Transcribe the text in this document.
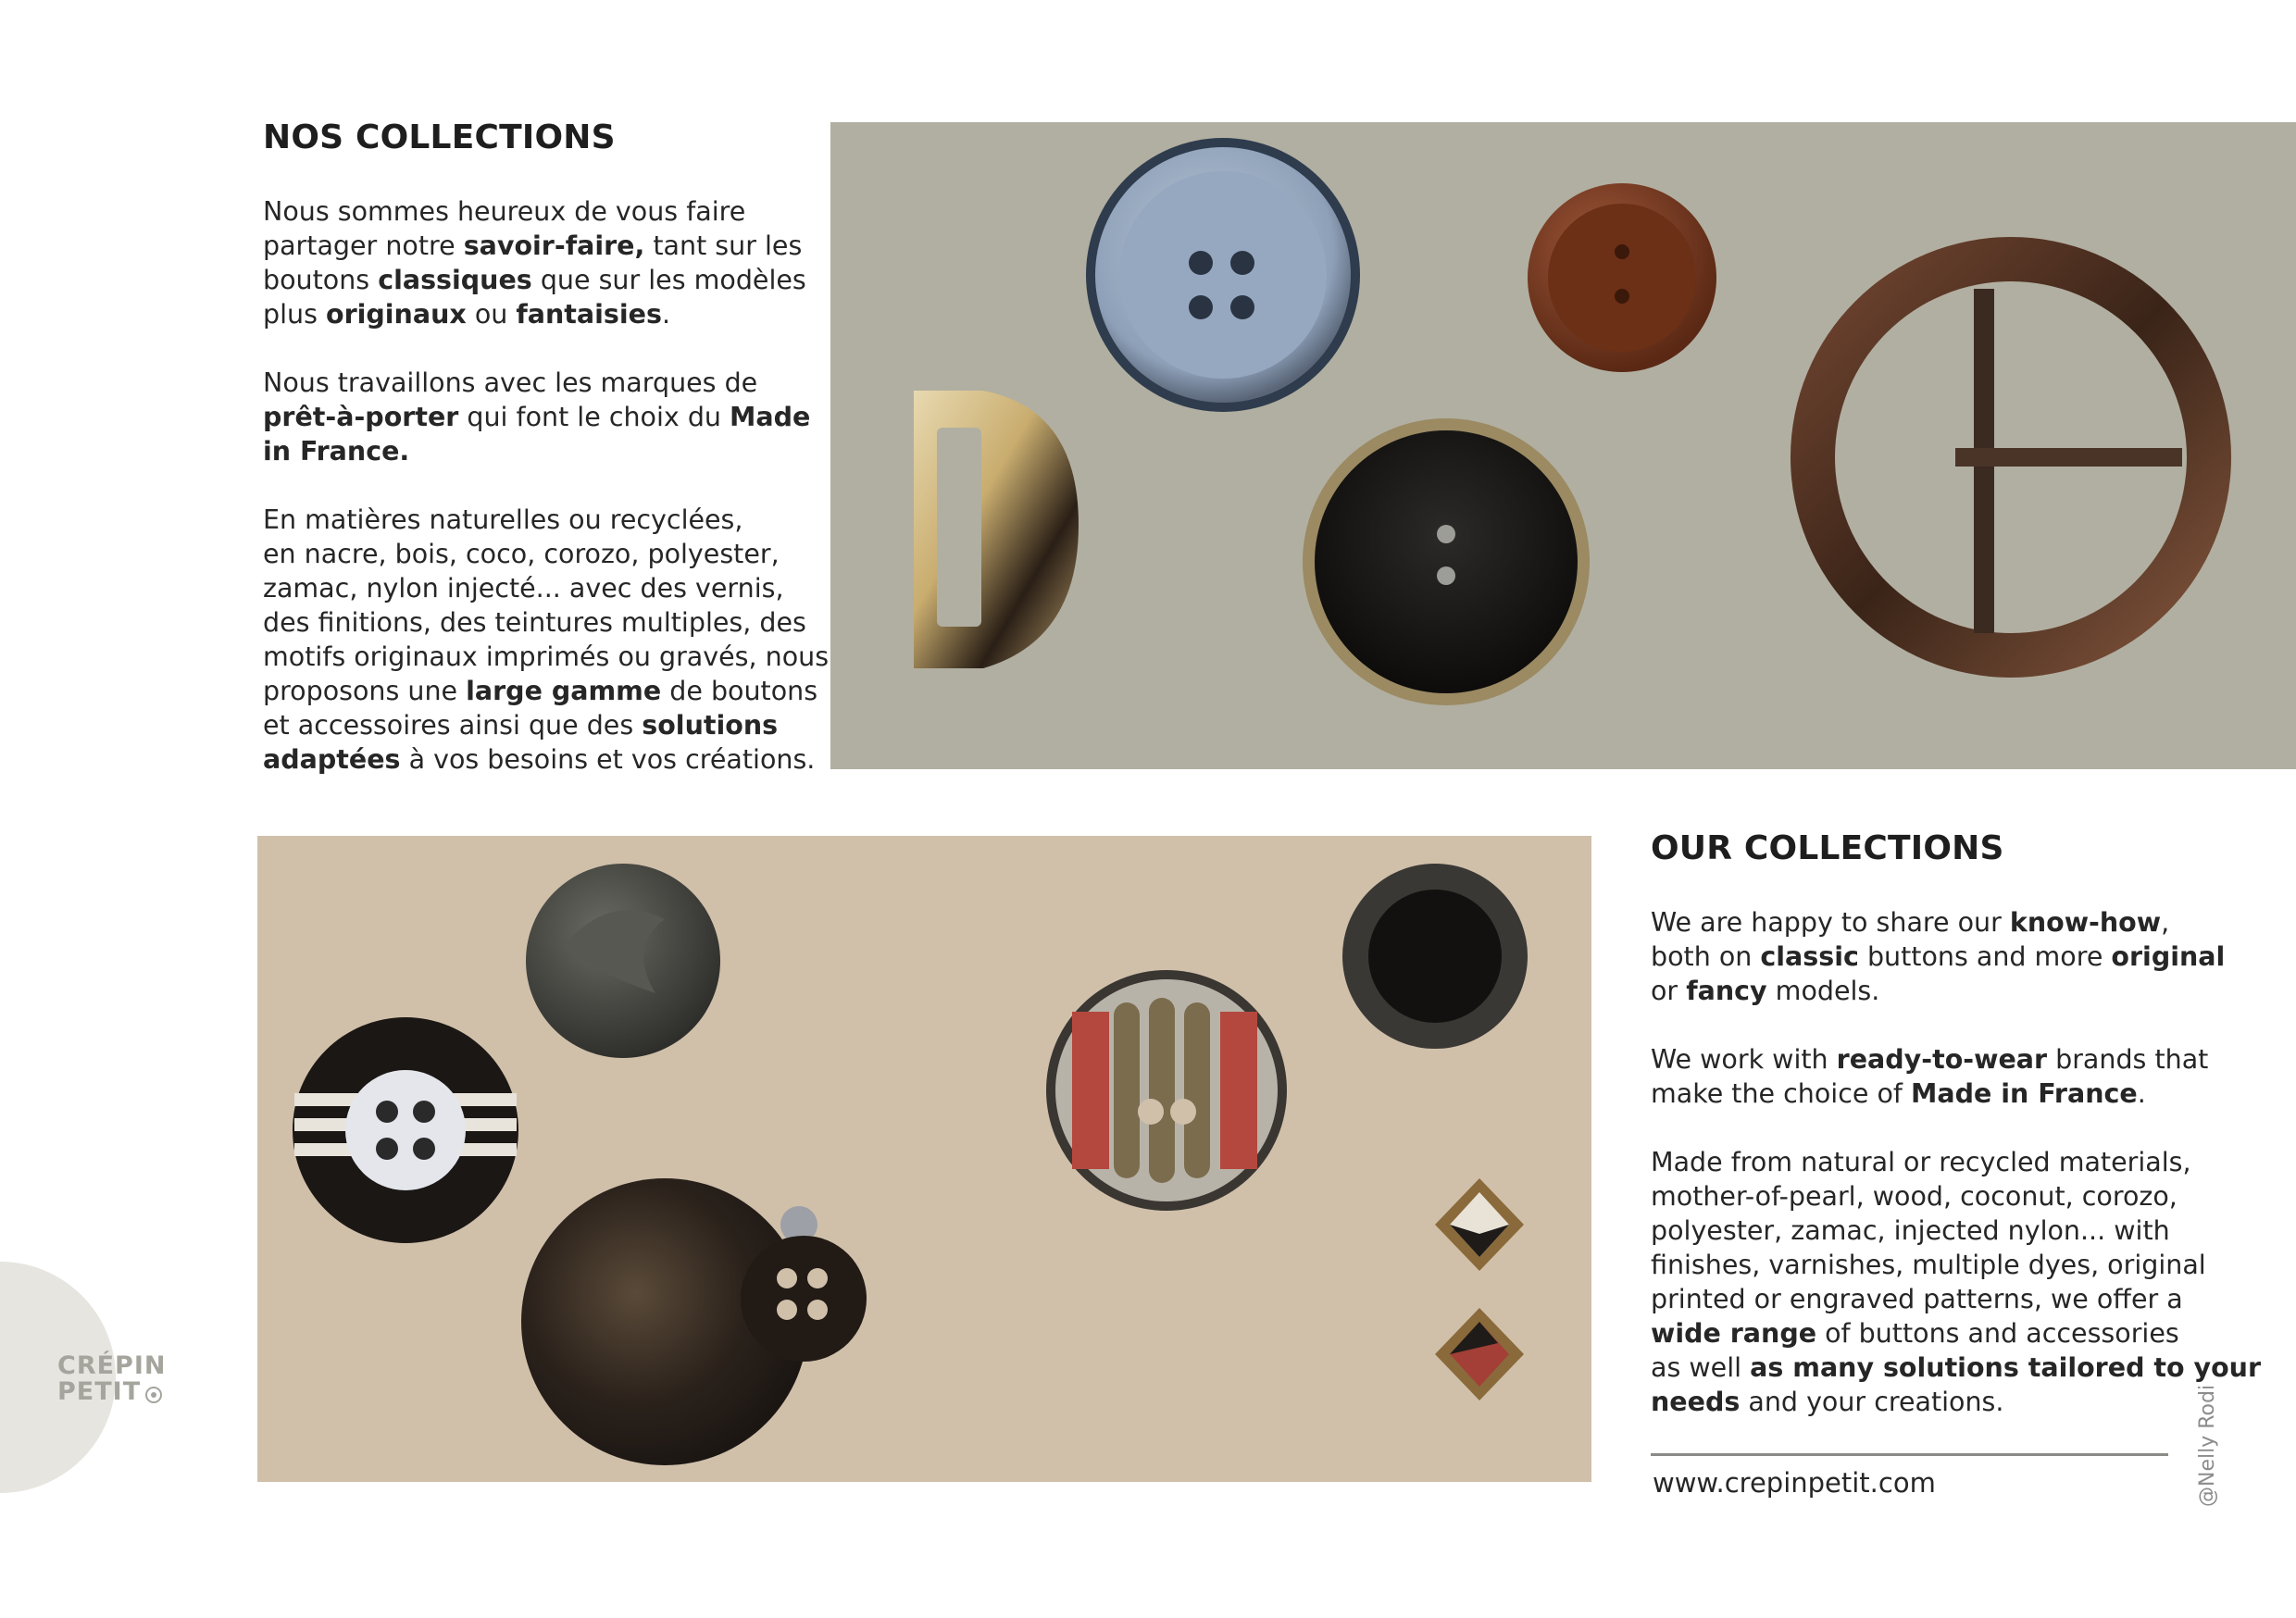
NOS COLLECTIONS

Nous sommes heureux de vous faire
partager notre savoir-faire, tant sur les
boutons classiques que sur les modèles
plus originaux ou fantaisies.

Nous travaillons avec les marques de
prêt-à-porter qui font le choix du Made
in France.

En matières naturelles ou recyclées,
en nacre, bois, coco, corozo, polyester,
zamac, nylon injecté... avec des vernis,
des finitions, des teintures multiples, des
motifs originaux imprimés ou gravés, nous
proposons une large gamme de boutons
et accessoires ainsi que des solutions
adaptées à vos besoins et vos créations.

OUR COLLECTIONS

We are happy to share our know-how,
both on classic buttons and more original
or fancy models.

We work with ready-to-wear brands that
make the choice of Made in France.

Made from natural or recycled materials,
mother-of-pearl, wood, coconut, corozo,
polyester, zamac, injected nylon... with
finishes, varnishes, multiple dyes, original
printed or engraved patterns, we offer a
wide range of buttons and accessories
as well as many solutions tailored to your
needs and your creations.

www.crepinpetit.com	@Nelly Rodi
CRÉPIN
PETIT
